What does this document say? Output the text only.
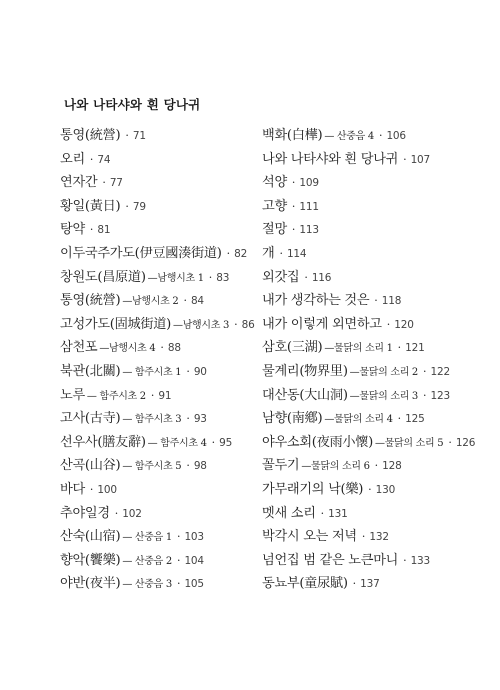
나와 나타샤와 흰 당나귀
통영(統營) · 71
오리 · 74
연자간 · 77
황일(黃日) · 79
탕약 · 81
이두국주가도(伊豆國湊街道) · 82
창원도(昌原道) —남행시초 1 · 83
통영(統營) —남행시초 2 · 84
고성가도(固城街道) —남행시초 3 · 86
삼천포 —남행시초 4 · 88
북관(北關) — 함주시초 1 · 90
노루 — 함주시초 2 · 91
고사(古寺) — 함주시초 3 · 93
선우사(膳友辭) — 함주시초 4 · 95
산곡(山谷) — 함주시초 5 · 98
바다 · 100
추야일경 · 102
산숙(山宿) — 산중음 1 · 103
향악(饗樂) — 산중음 2 · 104
야반(夜半) — 산중음 3 · 105
백화(白樺) — 산중음 4 · 106
나와 나타샤와 흰 당나귀 · 107
석양 · 109
고향 · 111
절망 · 113
개 · 114
외갓집 · 116
내가 생각하는 것은 · 118
내가 이렇게 외면하고 · 120
삼호(三湖) —물닭의 소리 1 · 121
물계리(物界里) —물닭의 소리 2 · 122
대산동(大山洞) —물닭의 소리 3 · 123
남향(南鄕) —물닭의 소리 4 · 125
야우소회(夜雨小懷) —물닭의 소리 5 · 126
꼴두기 —물닭의 소리 6 · 128
가무래기의 낙(樂) · 130
멧새 소리 · 131
박각시 오는 저녁 · 132
넘언집 범 같은 노큰마니 · 133
동뇨부(童尿賦) · 137
